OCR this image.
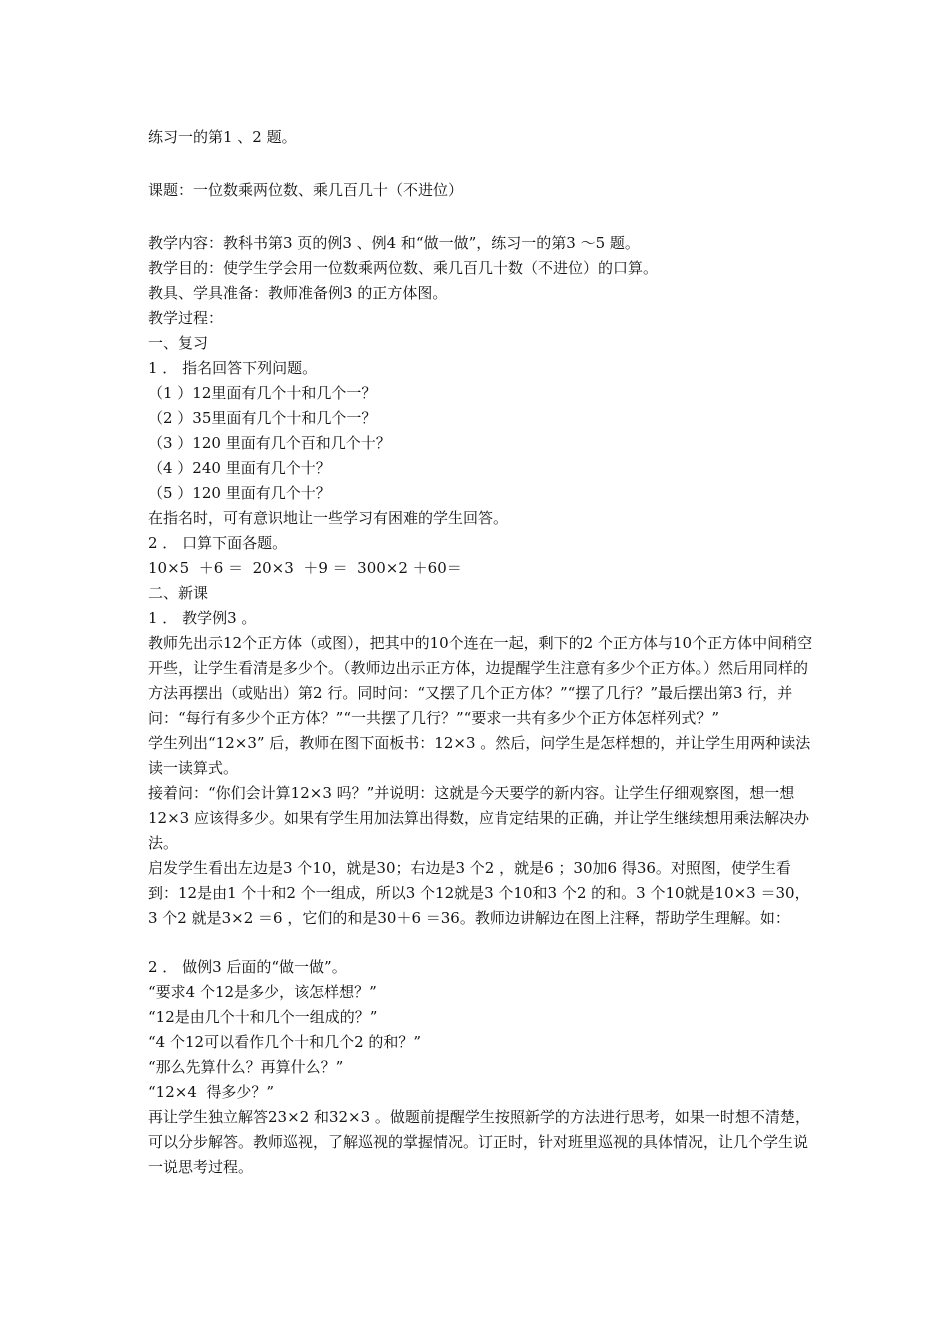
练习一的第1 、2 题。
课题：一位数乘两位数、乘几百几十（不进位）
教学内容：教科书第3 页的例3 、例4 和“做一做”，练习一的第3 ～5 题。
教学目的：使学生学会用一位数乘两位数、乘几百几十数（不进位）的口算。
教具、学具准备：教师准备例3 的正方体图。
教学过程：
一、复习
1 ． 指名回答下列问题。
（1 ）12里面有几个十和几个一？
（2 ）35里面有几个十和几个一？
（3 ）120 里面有几个百和几个十？
（4 ）240 里面有几个十？
（5 ）120 里面有几个十？
在指名时，可有意识地让一些学习有困难的学生回答。
2 ． 口算下面各题。
10×5  ＋6 ＝  20×3  ＋9 ＝  300×2 ＋60＝
二、新课
1 ． 教学例3 。
教师先出示12个正方体（或图），把其中的10个连在一起，剩下的2 个正方体与10个正方体中间稍空开些，让学生看清是多少个。（教师边出示正方体，边提醒学生注意有多少个正方体。）然后用同样的方法再摆出（或贴出）第2 行。同时问：“又摆了几个正方体？”“摆了几行？”最后摆出第3 行，并问：“每行有多少个正方体？”“一共摆了几行？”“要求一共有多少个正方体怎样列式？”
学生列出“12×3” 后，教师在图下面板书：12×3 。然后，问学生是怎样想的，并让学生用两种读法读一读算式。
接着问：“你们会计算12×3 吗？”并说明：这就是今天要学的新内容。让学生仔细观察图，想一想12×3 应该得多少。如果有学生用加法算出得数，应肯定结果的正确，并让学生继续想用乘法解决办法。
启发学生看出左边是3 个10，就是30；右边是3 个2 ，就是6 ；30加6 得36。对照图，使学生看到：12是由1 个十和2 个一组成，所以3 个12就是3 个10和3 个2 的和。3 个10就是10×3 ＝30，3 个2 就是3×2 ＝6 ，它们的和是30＋6 ＝36。教师边讲解边在图上注释，帮助学生理解。如：
2 ． 做例3 后面的“做一做”。
“要求4 个12是多少，该怎样想？”
“12是由几个十和几个一组成的？”
“4 个12可以看作几个十和几个2 的和？”
“那么先算什么？再算什么？”
“12×4  得多少？”
再让学生独立解答23×2 和32×3 。做题前提醒学生按照新学的方法进行思考，如果一时想不清楚，可以分步解答。教师巡视，了解巡视的掌握情况。订正时，针对班里巡视的具体情况，让几个学生说一说思考过程。
